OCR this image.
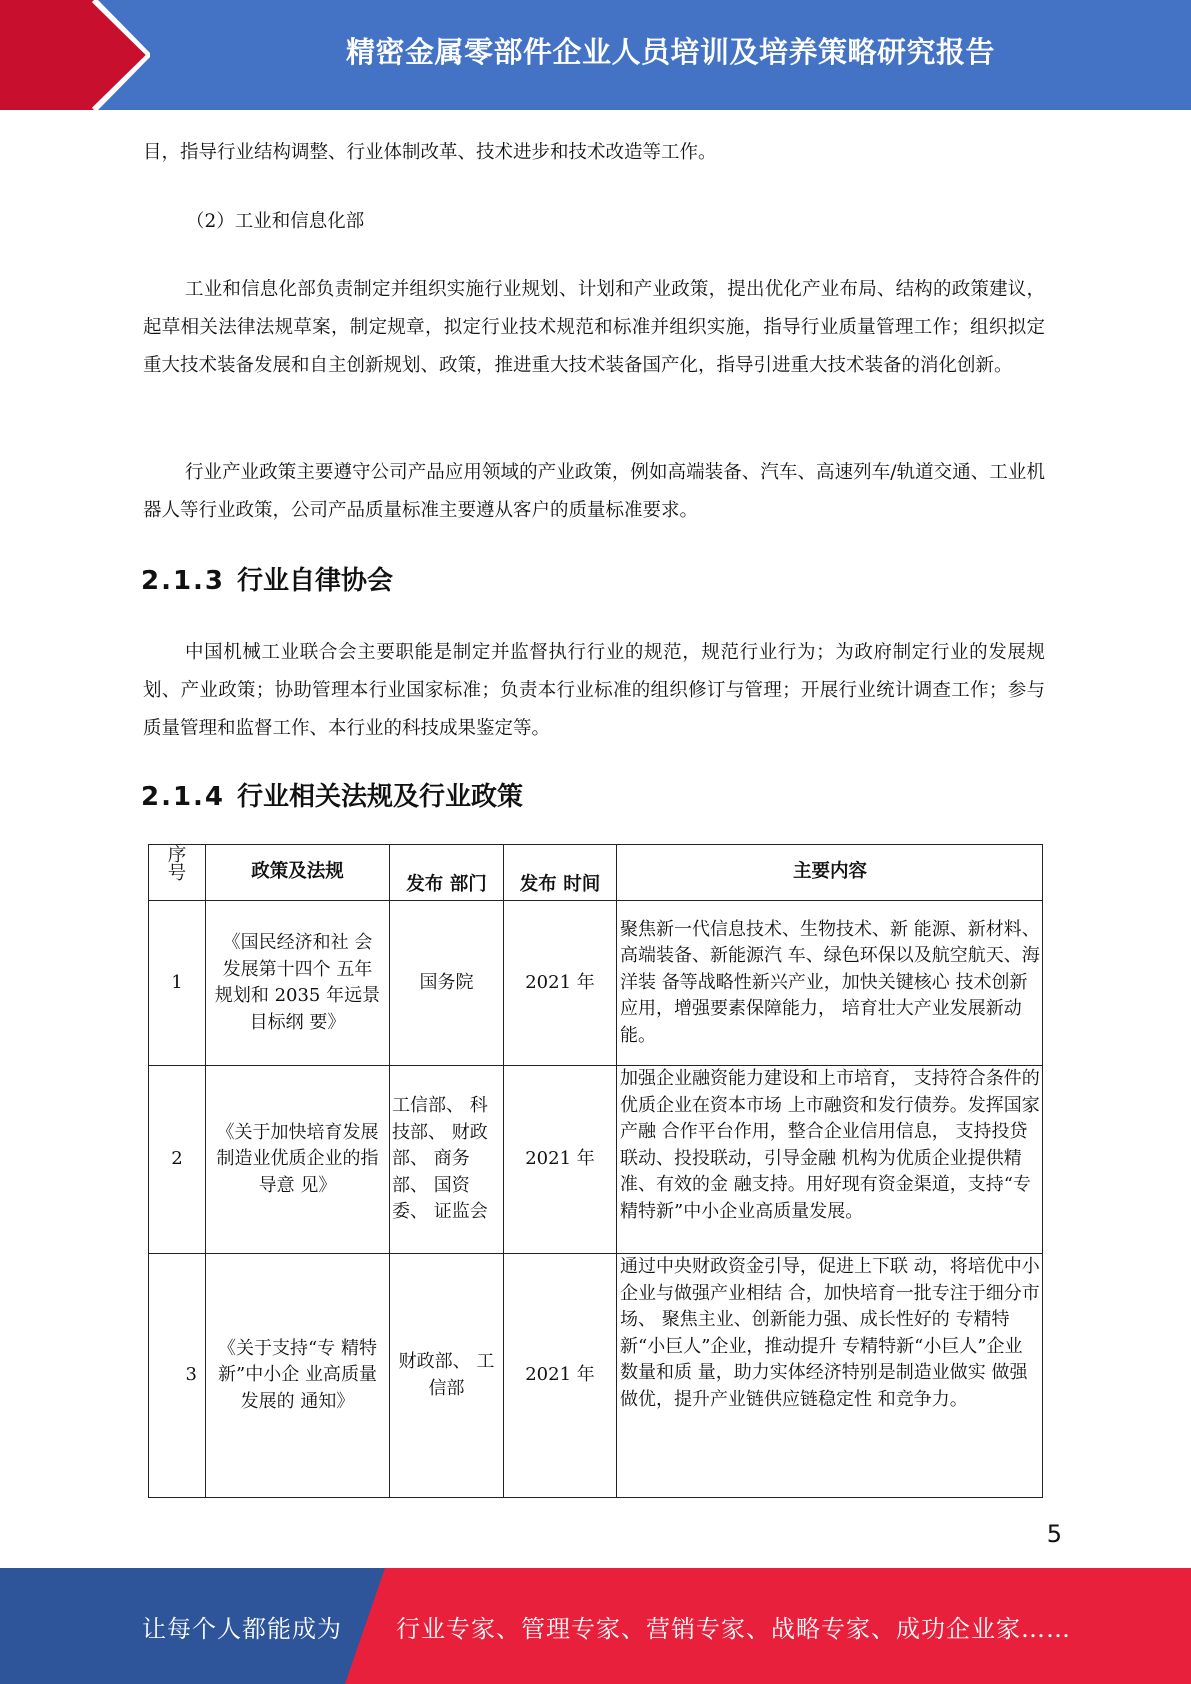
精密金属零部件企业人员培训及培养策略研究报告

目，指导行业结构调整、行业体制改革、技术进步和技术改造等工作。

（2）工业和信息化部

工业和信息化部负责制定并组织实施行业规划、计划和产业政策，提出优化产业布局、结构的政策建议，起草相关法律法规草案，制定规章，拟定行业技术规范和标准并组织实施，指导行业质量管理工作；组织拟定重大技术装备发展和自主创新规划、政策，推进重大技术装备国产化，指导引进重大技术装备的消化创新。

行业产业政策主要遵守公司产品应用领域的产业政策，例如高端装备、汽车、高速列车/轨道交通、工业机器人等行业政策，公司产品质量标准主要遵从客户的质量标准要求。

2.1.3 行业自律协会

中国机械工业联合会主要职能是制定并监督执行行业的规范，规范行业行为；为政府制定行业的发展规划、产业政策；协助管理本行业国家标准；负责本行业标准的组织修订与管理；开展行业统计调查工作；参与质量管理和监督工作、本行业的科技成果鉴定等。

2.1.4 行业相关法规及行业政策
序
号	政策及法规	发布 部门	发布 时间	主要内容
1	《国民经济和社 会发展第十四个 五年规划和 2035 年远景目标纲 要》	国务院	2021 年	聚焦新一代信息技术、生物技术、新 能源、新材料、高端装备、新能源汽 车、绿色环保以及航空航天、海洋装 备等战略性新兴产业，加快关键核心 技术创新应用，增强要素保障能力， 培育壮大产业发展新动能。
2	《关于加快培育发展制造业优质企业的指导意 见》	工信部、 科技部、 财政部、 商务部、 国资委、 证监会	2021 年	加强企业融资能力建设和上市培育， 支持符合条件的优质企业在资本市场 上市融资和发行债券。发挥国家产融 合作平台作用，整合企业信用信息， 支持投贷联动、投投联动，引导金融 机构为优质企业提供精准、有效的金 融支持。用好现有资金渠道，支持“专精特新”中小企业高质量发展。
3	《关于支持“专 精特新”中小企 业高质量发展的 通知》	财政部、 工信部	2021 年	通过中央财政资金引导，促进上下联 动，将培优中小企业与做强产业相结 合，加快培育一批专注于细分市场、 聚焦主业、创新能力强、成长性好的 专精特新“小巨人”企业，推动提升 专精特新“小巨人”企业数量和质 量，助力实体经济特别是制造业做实 做强做优，提升产业链供应链稳定性 和竞争力。
5
让每个人都能成为 行业专家、管理专家、营销专家、战略专家、成功企业家……
